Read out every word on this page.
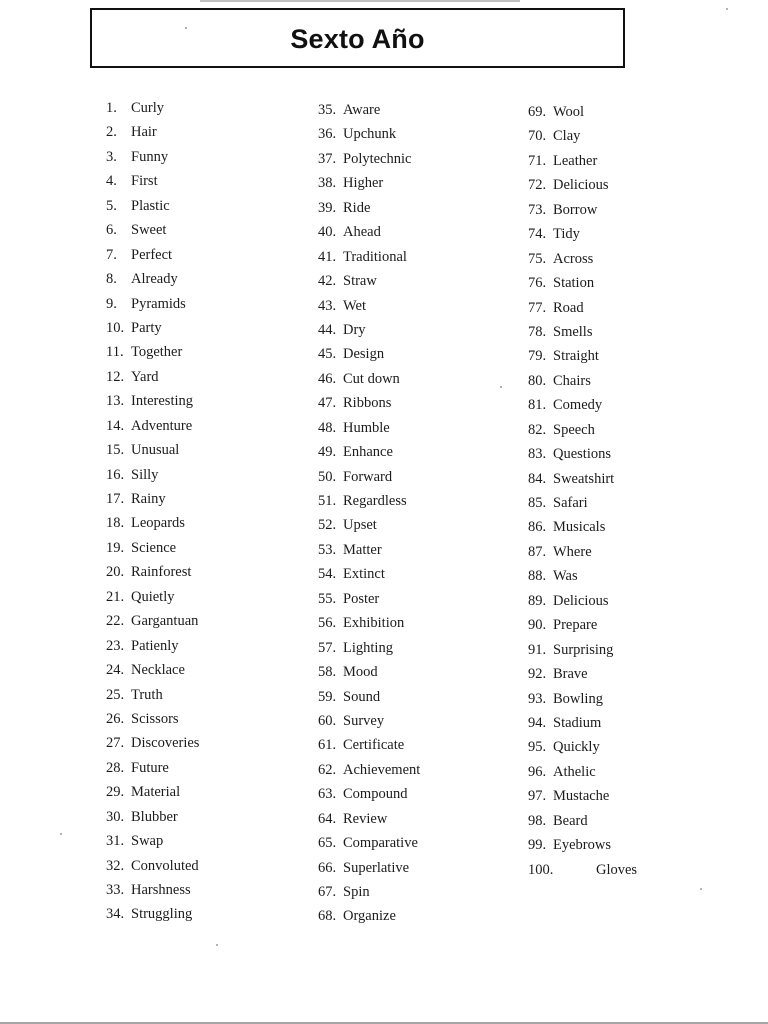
Sexto Año
1. Curly
2. Hair
3. Funny
4. First
5. Plastic
6. Sweet
7. Perfect
8. Already
9. Pyramids
10. Party
11. Together
12. Yard
13. Interesting
14. Adventure
15. Unusual
16. Silly
17. Rainy
18. Leopards
19. Science
20. Rainforest
21. Quietly
22. Gargantuan
23. Patienly
24. Necklace
25. Truth
26. Scissors
27. Discoveries
28. Future
29. Material
30. Blubber
31. Swap
32. Convoluted
33. Harshness
34. Struggling
35. Aware
36. Upchunk
37. Polytechnic
38. Higher
39. Ride
40. Ahead
41. Traditional
42. Straw
43. Wet
44. Dry
45. Design
46. Cut down
47. Ribbons
48. Humble
49. Enhance
50. Forward
51. Regardless
52. Upset
53. Matter
54. Extinct
55. Poster
56. Exhibition
57. Lighting
58. Mood
59. Sound
60. Survey
61. Certificate
62. Achievement
63. Compound
64. Review
65. Comparative
66. Superlative
67. Spin
68. Organize
69. Wool
70. Clay
71. Leather
72. Delicious
73. Borrow
74. Tidy
75. Across
76. Station
77. Road
78. Smells
79. Straight
80. Chairs
81. Comedy
82. Speech
83. Questions
84. Sweatshirt
85. Safari
86. Musicals
87. Where
88. Was
89. Delicious
90. Prepare
91. Surprising
92. Brave
93. Bowling
94. Stadium
95. Quickly
96. Athelic
97. Mustache
98. Beard
99. Eyebrows
100.	Gloves
